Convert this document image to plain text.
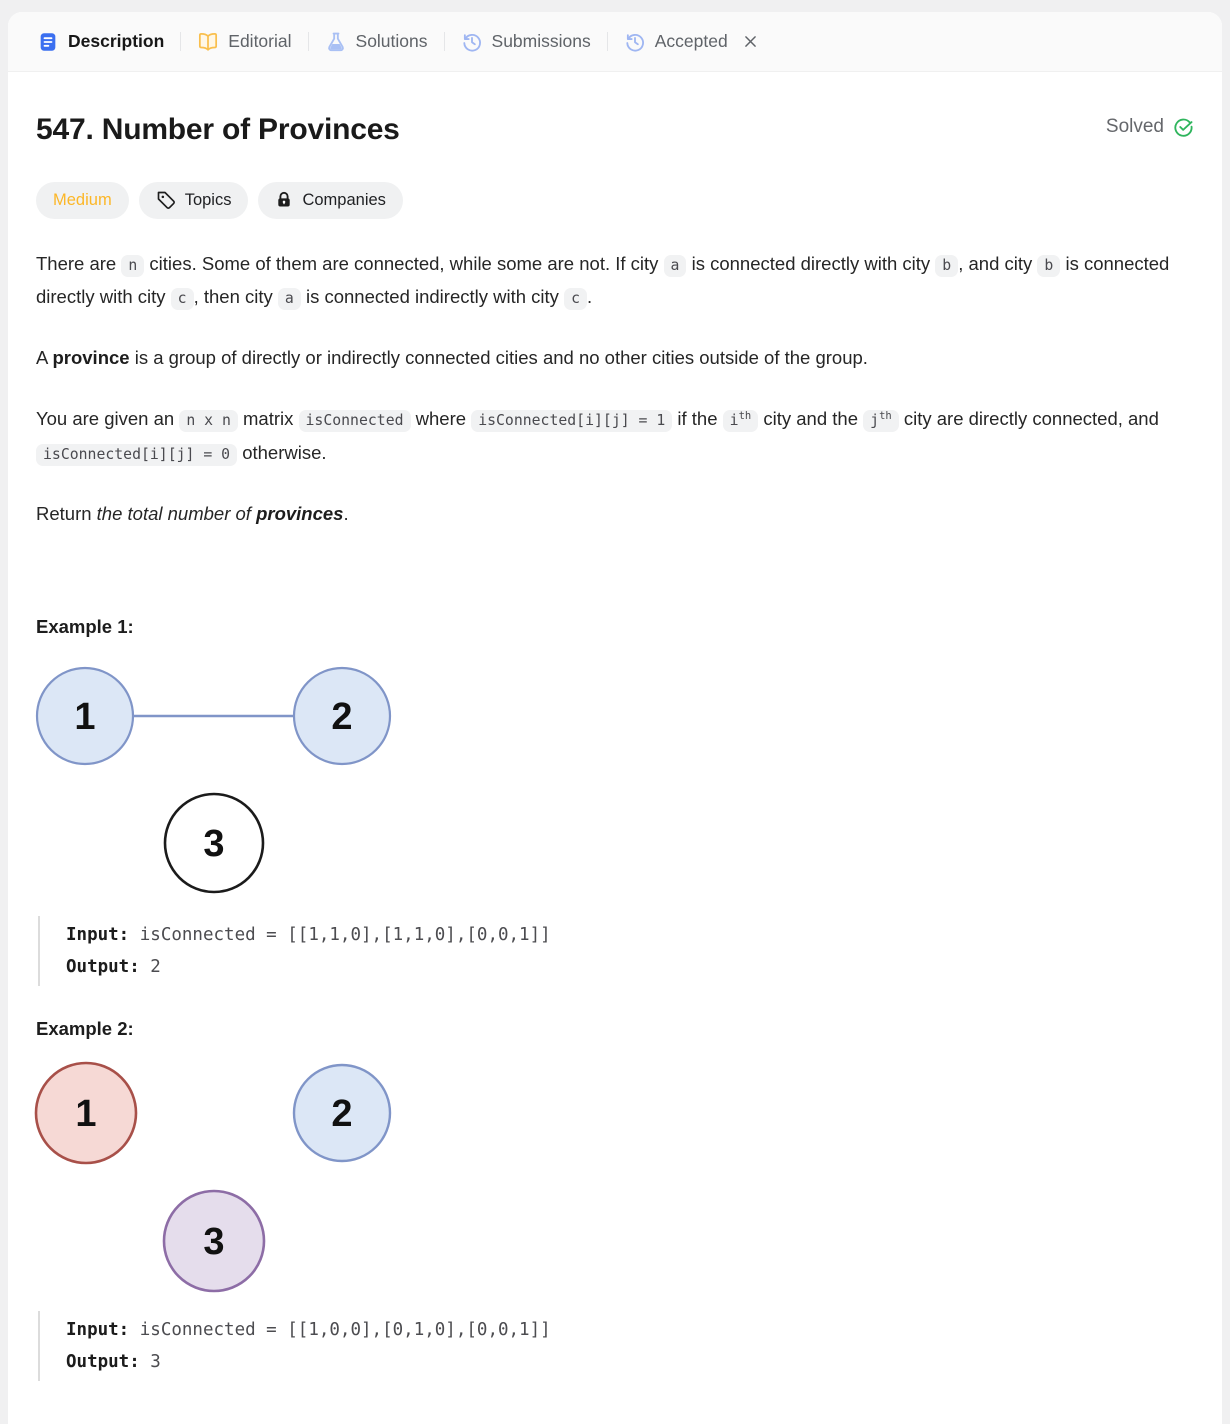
Description	Editorial	Solutions	Submissions	Accepted
547. Number of Provinces	Solved
Medium	Topics	Companies

There are n cities. Some of them are connected, while some are not. If city a is connected directly with city b , and city b is connected directly with city c , then city a is connected indirectly with city c .

A province is a group of directly or indirectly connected cities and no other cities outside of the group.

You are given an n x n matrix isConnected where isConnected[i][j] = 1 if the $i^{th}$ city and the $j^{th}$ city are directly connected, and isConnected[i][j] = 0 otherwise.

Return the total number of provinces.

Example 1:

1	2
3
Input: isConnected = [[1,1,0],[1,1,0],[0,0,1]]
Output: 2

Example 2:

1	2
3
Input: isConnected = [[1,0,0],[0,1,0],[0,0,1]]
Output: 3
